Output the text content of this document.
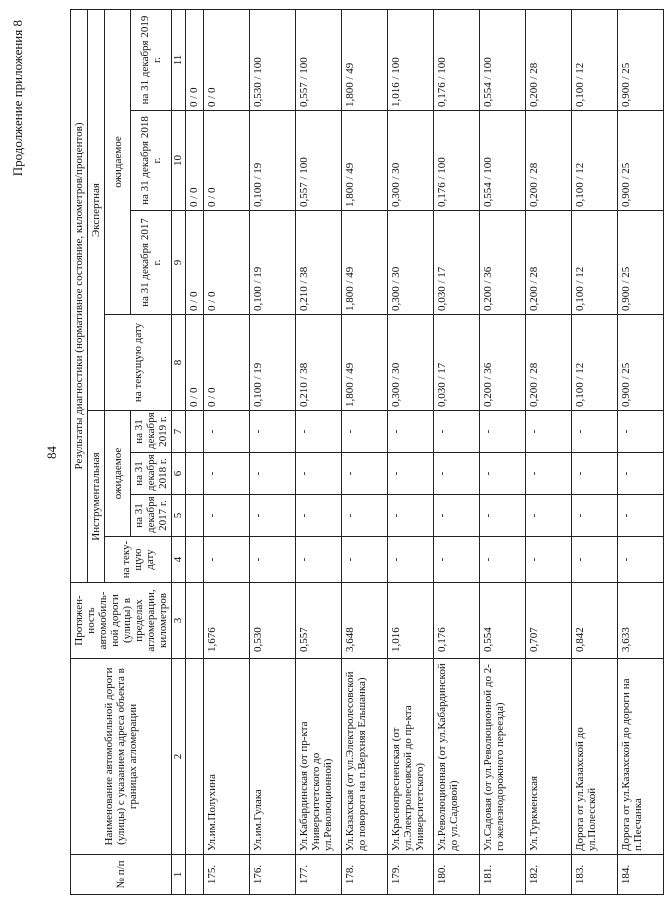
Продолжение приложения 8
84
№ п/п	Наименование автомобильной дороги (улицы) с указанием адреса объекта в границах агломерации	Протяжен-ность автомобиль-ной дороги (улицы) в пределах агломерации, километров	Результаты диагностики (нормативное состояние, километров/процентов)							
			Инструментальная				Экспертная			
			на теку-щую дату	ожидаемое			на текущую дату	ожидаемое		
				на 31 декабря 2017 г.	на 31 декабря 2018 г.	на 31 декабря 2019 г.		на 31 декабря 2017 г.	на 31 декабря 2018 г.	на 31 декабря 2019 г.
1	2	3	4	5	6	7	8	9	10	11
							0 / 0	0 / 0	0 / 0	0 / 0
175.	Ул.им.Полухина	1,676	-	-	-	-	0 / 0	0 / 0	0 / 0	0 / 0
176.	Ул.им.Гулака	0,530	-	-	-	-	0,100 / 19	0,100 / 19	0,100 / 19	0,530 / 100
177.	Ул.Кабардинская (от пр-кта Университетского до ул.Революционной)	0,557	-	-	-	-	0,210 / 38	0,210 / 38	0,557 / 100	0,557 / 100
178.	Ул.Казахская (от ул.Электролесовской до поворота на п.Верхняя Ельшанка)	3,648	-	-	-	-	1,800 / 49	1,800 / 49	1,800 / 49	1,800 / 49
179.	Ул.Краснопресненская (от ул.Электролесовской до пр-кта Университетского)	1,016	-	-	-	-	0,300 / 30	0,300 / 30	0,300 / 30	1,016 / 100
180.	Ул.Революционная (от ул.Кабардинской до ул.Садовой)	0,176	-	-	-	-	0,030 / 17	0,030 / 17	0,176 / 100	0,176 / 100
181.	Ул.Садовая (от ул.Революционной до 2-го железнодорожного переезда)	0,554	-	-	-	-	0,200 / 36	0,200 / 36	0,554 / 100	0,554 / 100
182.	Ул.Туркменская	0,707	-	-	-	-	0,200 / 28	0,200 / 28	0,200 / 28	0,200 / 28
183.	Дорога от ул.Казахской до ул.Полесской	0,842	-	-	-	-	0,100 / 12	0,100 / 12	0,100 / 12	0,100 / 12
184.	Дорога от ул.Казахской до дороги на п.Песчанка	3,633	-	-	-	-	0,900 / 25	0,900 / 25	0,900 / 25	0,900 / 25
